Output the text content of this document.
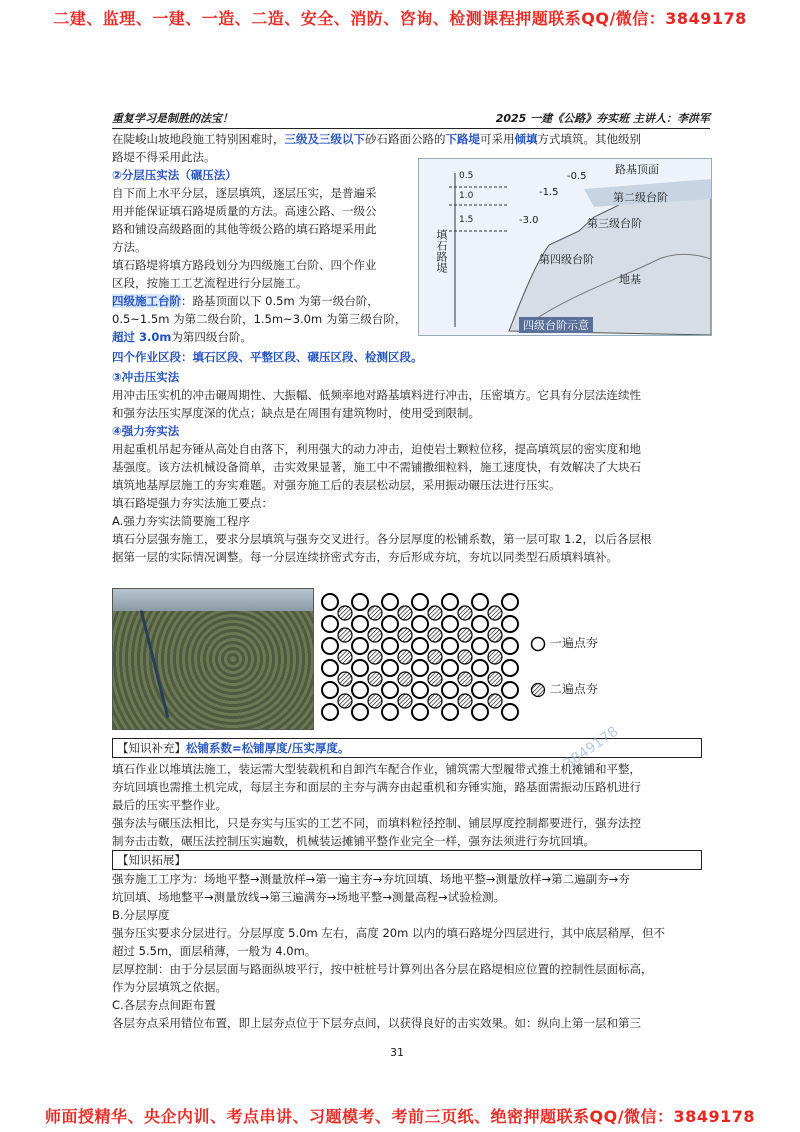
二建、监理、一建、一造、二造、安全、消防、咨询、检测课程押题联系QQ/微信：3849178
重复学习是制胜的法宝！	2025 一建《公路》夯实班 主讲人：李洪军
在陡峻山坡地段施工特别困难时，三级及三级以下砂石路面公路的下路堤可采用倾填方式填筑。其他级别
路堤不得采用此法。
②分层压实法（碾压法）
自下而上水平分层，逐层填筑，逐层压实，是普遍采
用并能保证填石路堤质量的方法。高速公路、一级公
路和铺设高级路面的其他等级公路的填石路堤采用此
方法。
填石路堤将填方路段划分为四级施工台阶、四个作业
区段，按施工工艺流程进行分层施工。
四级施工台阶：路基顶面以下 0.5m 为第一级台阶，
0.5~1.5m 为第二级台阶，1.5m~3.0m 为第三级台阶，
超过 3.0m为第四级台阶。
路基顶面
-0.5
-1.5
-3.0
第二级台阶
第三级台阶
第四级台阶
地基
填石路堤
0.5
1.0
1.5
四级台阶示意
四个作业区段：填石区段、平整区段、碾压区段、检测区段。
③冲击压实法
用冲击压实机的冲击碾周期性、大振幅、低频率地对路基填料进行冲击，压密填方。它具有分层法连续性
和强夯法压实厚度深的优点；缺点是在周围有建筑物时，使用受到限制。
④强力夯实法
用起重机吊起夯锤从高处自由落下，利用强大的动力冲击，迫使岩土颗粒位移，提高填筑层的密实度和地
基强度。该方法机械设备简单，击实效果显著，施工中不需铺撒细粒料，施工速度快，有效解决了大块石
填筑地基厚层施工的夯实难题。对强夯施工后的表层松动层，采用振动碾压法进行压实。
填石路堤强力夯实法施工要点：
A.强力夯实法简要施工程序
填石分层强夯施工，要求分层填筑与强夯交叉进行。各分层厚度的松铺系数，第一层可取 1.2，以后各层根
据第一层的实际情况调整。每一分层连续挤密式夯击，夯后形成夯坑，夯坑以同类型石质填料填补。
一遍点夯
二遍点夯
【知识补充】松铺系数=松铺厚度/压实厚度。
填石作业以堆填法施工，装运需大型装载机和自卸汽车配合作业，铺筑需大型履带式推土机摊铺和平整，
夯坑回填也需推土机完成，每层主夯和面层的主夯与满夯由起重机和夯锤实施，路基面需振动压路机进行
最后的压实平整作业。
强夯法与碾压法相比，只是夯实与压实的工艺不同，而填料粒径控制、铺层厚度控制都要进行，强夯法控
制夯击击数，碾压法控制压实遍数，机械装运摊铺平整作业完全一样，强夯法须进行夯坑回填。
【知识拓展】
强夯施工工序为：场地平整→测量放样→第一遍主夯→夯坑回填、场地平整→测量放样→第二遍副夯→夯
坑回填、场地整平→测量放线→第三遍满夯→场地平整→测量高程→试验检测。
B.分层厚度
强夯压实要求分层进行。分层厚度 5.0m 左右，高度 20m 以内的填石路堤分四层进行，其中底层稍厚，但不
超过 5.5m，面层稍薄，一般为 4.0m。
层厚控制：由于分层层面与路面纵坡平行，按中桩桩号计算列出各分层在路堤相应位置的控制性层面标高，
作为分层填筑之依据。
C.各层夯点间距布置
各层夯点采用错位布置，即上层夯点位于下层夯点间，以获得良好的击实效果。如：纵向上第一层和第三
31
3849178
师面授精华、央企内训、考点串讲、习题模考、考前三页纸、绝密押题联系QQ/微信：3849178
